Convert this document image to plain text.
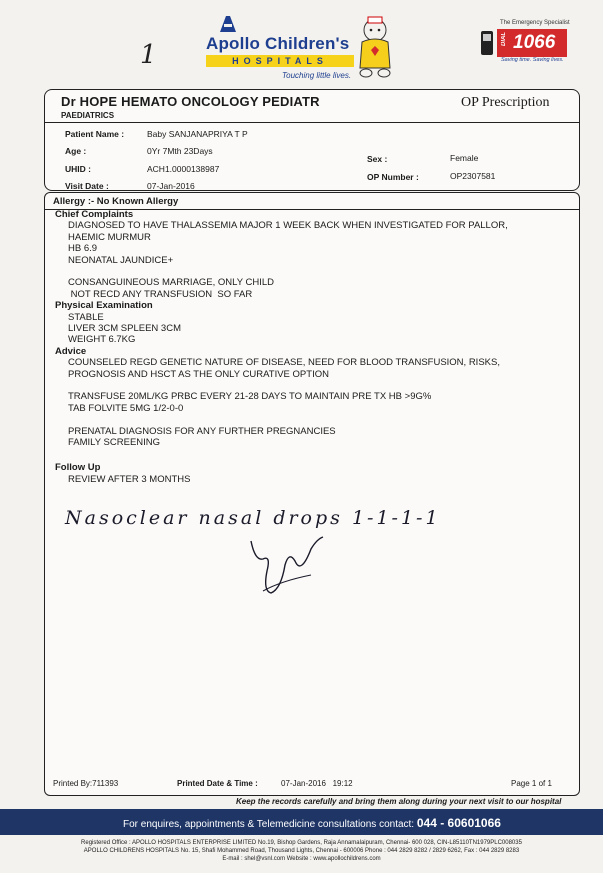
1	Apollo Children's
HOSPITALS
Touching little lives.
The Emergency Specialist
DIAL 1066
Saving time. Saving lives.
Dr HOPE HEMATO ONCOLOGY PEDIATR	OP Prescription
PAEDIATRICS
Patient Name :	Baby SANJANAPRIYA T P
Age :	0Yr 7Mth 23Days
UHID :	ACH1.0000138987
Visit Date :	07-Jan-2016
Sex :	Female
OP Number :	OP2307581
Allergy :- No Known Allergy
Chief Complaints
DIAGNOSED TO HAVE THALASSEMIA MAJOR 1 WEEK BACK WHEN INVESTIGATED FOR PALLOR,
HAEMIC MURMUR
HB 6.9
NEONATAL JAUNDICE+
CONSANGUINEOUS MARRIAGE, ONLY CHILD
NOT RECD ANY TRANSFUSION  SO FAR
Physical Examination
STABLE
LIVER 3CM SPLEEN 3CM
WEIGHT 6.7KG
Advice
COUNSELED REGD GENETIC NATURE OF DISEASE, NEED FOR BLOOD TRANSFUSION, RISKS,
PROGNOSIS AND HSCT AS THE ONLY CURATIVE OPTION
TRANSFUSE 20ML/KG PRBC EVERY 21-28 DAYS TO MAINTAIN PRE TX HB >9G%
TAB FOLVITE 5MG 1/2-0-0
PRENATAL DIAGNOSIS FOR ANY FURTHER PREGNANCIES
FAMILY SCREENING
Follow Up
REVIEW AFTER 3 MONTHS
Nasoclear nasal drops 1-1-1-1
Printed By:711393	Printed Date & Time :	07-Jan-2016   19:12	Page 1 of 1
Keep the records carefully and bring them along during your next visit to our hospital
For enquires, appointments & Telemedicine consultations contact: 044 - 60601066
Registered Office : APOLLO HOSPITALS ENTERPRISE LIMITED No.19, Bishop Gardens, Raja Annamalaipuram, Chennai- 600 028, CIN-L85110TN1979PLC008035
APOLLO CHILDRENS HOSPITALS No. 15, Shafi Mohammed Road, Thousand Lights, Chennai - 600006 Phone : 044 2829 8282 / 2829 6262, Fax : 044 2829 8283
E-mail : shel@vsnl.com Website : www.apollochildrens.com
